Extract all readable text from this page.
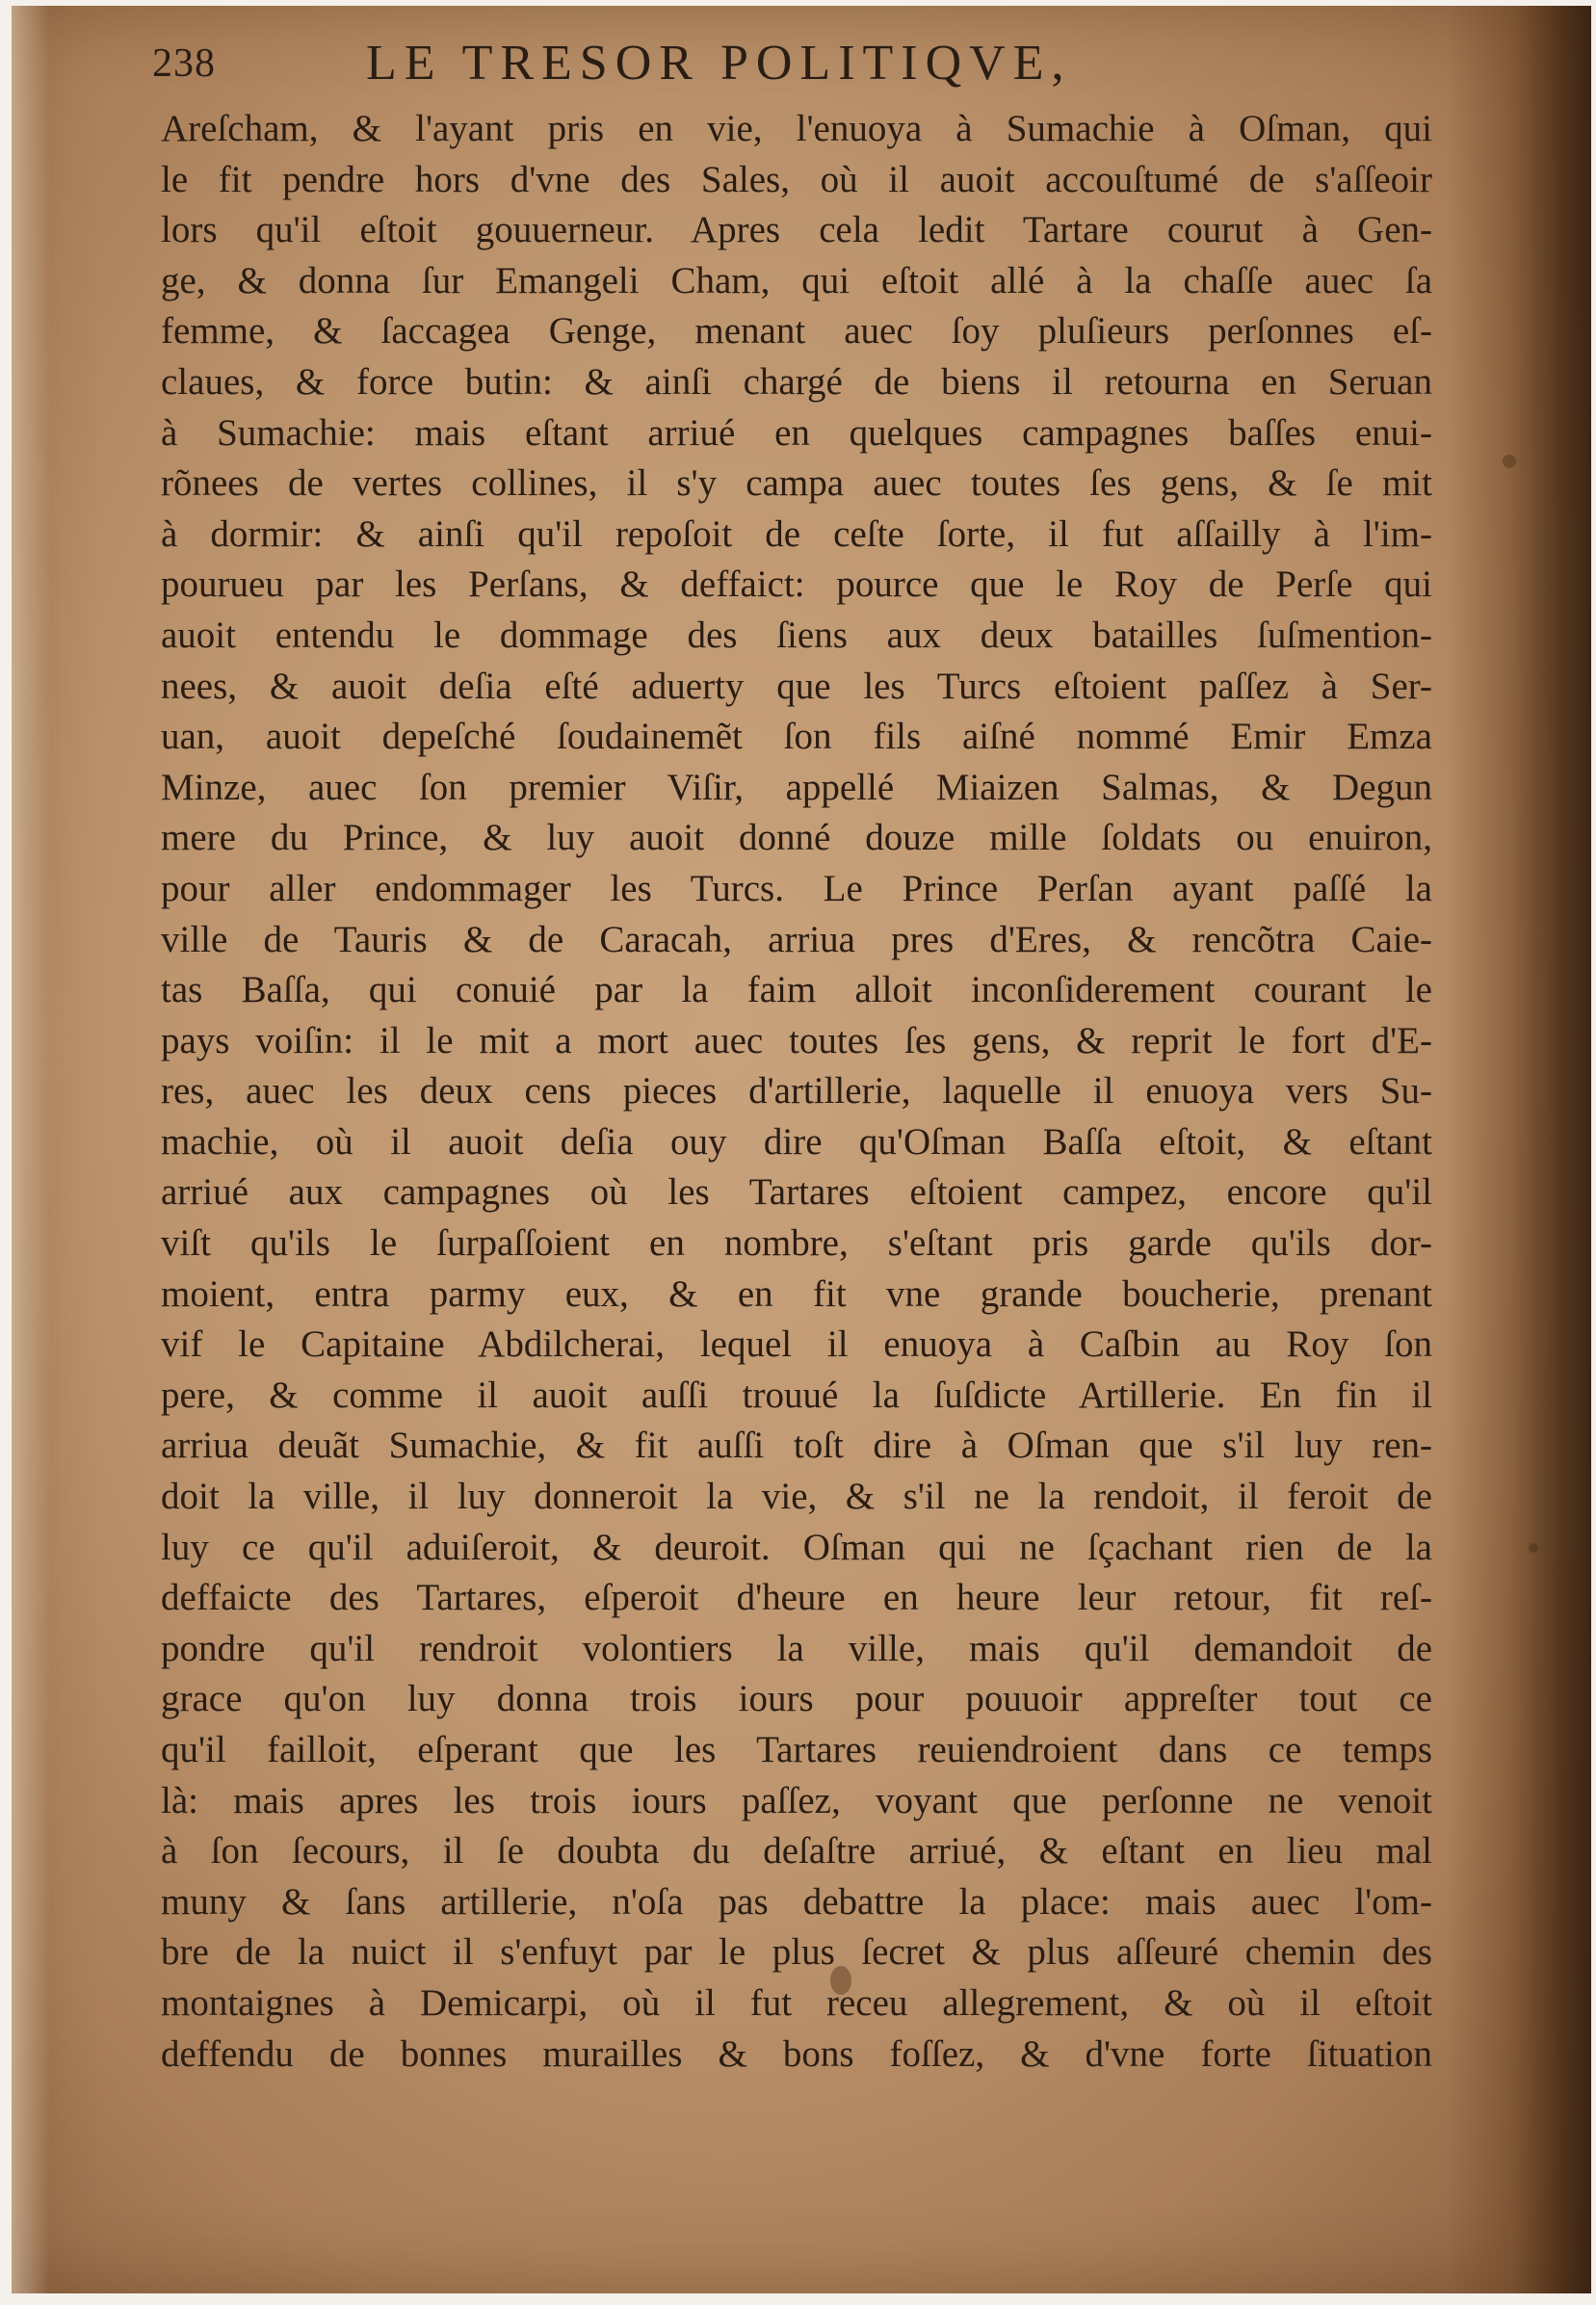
238	LE TRESOR POLITIQVE,
Areſcham, & l'ayant pris en vie, l'enuoya à Sumachie à Oſman, qui
le fit pendre hors d'vne des Sales, où il auoit accouſtumé de s'aſſeoir
lors qu'il eſtoit gouuerneur. Apres cela ledit Tartare courut à Gen-
ge, & donna ſur Emangeli Cham, qui eſtoit allé à la chaſſe auec ſa
femme, & ſaccagea Genge, menant auec ſoy pluſieurs perſonnes eſ-
claues, & force butin: & ainſi chargé de biens il retourna en Seruan
à Sumachie: mais eſtant arriué en quelques campagnes baſſes enui-
rõnees de vertes collines, il s'y campa auec toutes ſes gens, & ſe mit
à dormir: & ainſi qu'il repoſoit de ceſte ſorte, il fut aſſailly à l'im-
pourueu par les Perſans, & deffaict: pource que le Roy de Perſe qui
auoit entendu le dommage des ſiens aux deux batailles ſuſmention-
nees, & auoit deſia eſté aduerty que les Turcs eſtoient paſſez à Ser-
uan, auoit depeſché ſoudainemẽt ſon fils aiſné nommé Emir Emza
Minze, auec ſon premier Viſir, appellé Miaizen Salmas, & Degun
mere du Prince, & luy auoit donné douze mille ſoldats ou enuiron,
pour aller endommager les Turcs. Le Prince Perſan ayant paſſé la
ville de Tauris & de Caracah, arriua pres d'Eres, & rencõtra Caie-
tas Baſſa, qui conuié par la faim alloit inconſiderement courant le
pays voiſin: il le mit a mort auec toutes ſes gens, & reprit le fort d'E-
res, auec les deux cens pieces d'artillerie, laquelle il enuoya vers Su-
machie, où il auoit deſia ouy dire qu'Oſman Baſſa eſtoit, & eſtant
arriué aux campagnes où les Tartares eſtoient campez, encore qu'il
viſt qu'ils le ſurpaſſoient en nombre, s'eſtant pris garde qu'ils dor-
moient, entra parmy eux, & en fit vne grande boucherie, prenant
vif le Capitaine Abdilcherai, lequel il enuoya à Caſbin au Roy ſon
pere, & comme il auoit auſſi trouué la ſuſdicte Artillerie. En fin il
arriua deuãt Sumachie, & fit auſſi toſt dire à Oſman que s'il luy ren-
doit la ville, il luy donneroit la vie, & s'il ne la rendoit, il feroit de
luy ce qu'il aduiſeroit, & deuroit. Oſman qui ne ſçachant rien de la
deffaicte des Tartares, eſperoit d'heure en heure leur retour, fit reſ-
pondre qu'il rendroit volontiers la ville, mais qu'il demandoit de
grace qu'on luy donna trois iours pour pouuoir appreſter tout ce
qu'il failloit, eſperant que les Tartares reuiendroient dans ce temps
là: mais apres les trois iours paſſez, voyant que perſonne ne venoit
à ſon ſecours, il ſe doubta du deſaſtre arriué, & eſtant en lieu mal
muny & ſans artillerie, n'oſa pas debattre la place: mais auec l'om-
bre de la nuict il s'enfuyt par le plus ſecret & plus aſſeuré chemin des
montaignes à Demicarpi, où il fut receu allegrement, & où il eſtoit
deffendu de bonnes murailles & bons foſſez, & d'vne forte ſituation
